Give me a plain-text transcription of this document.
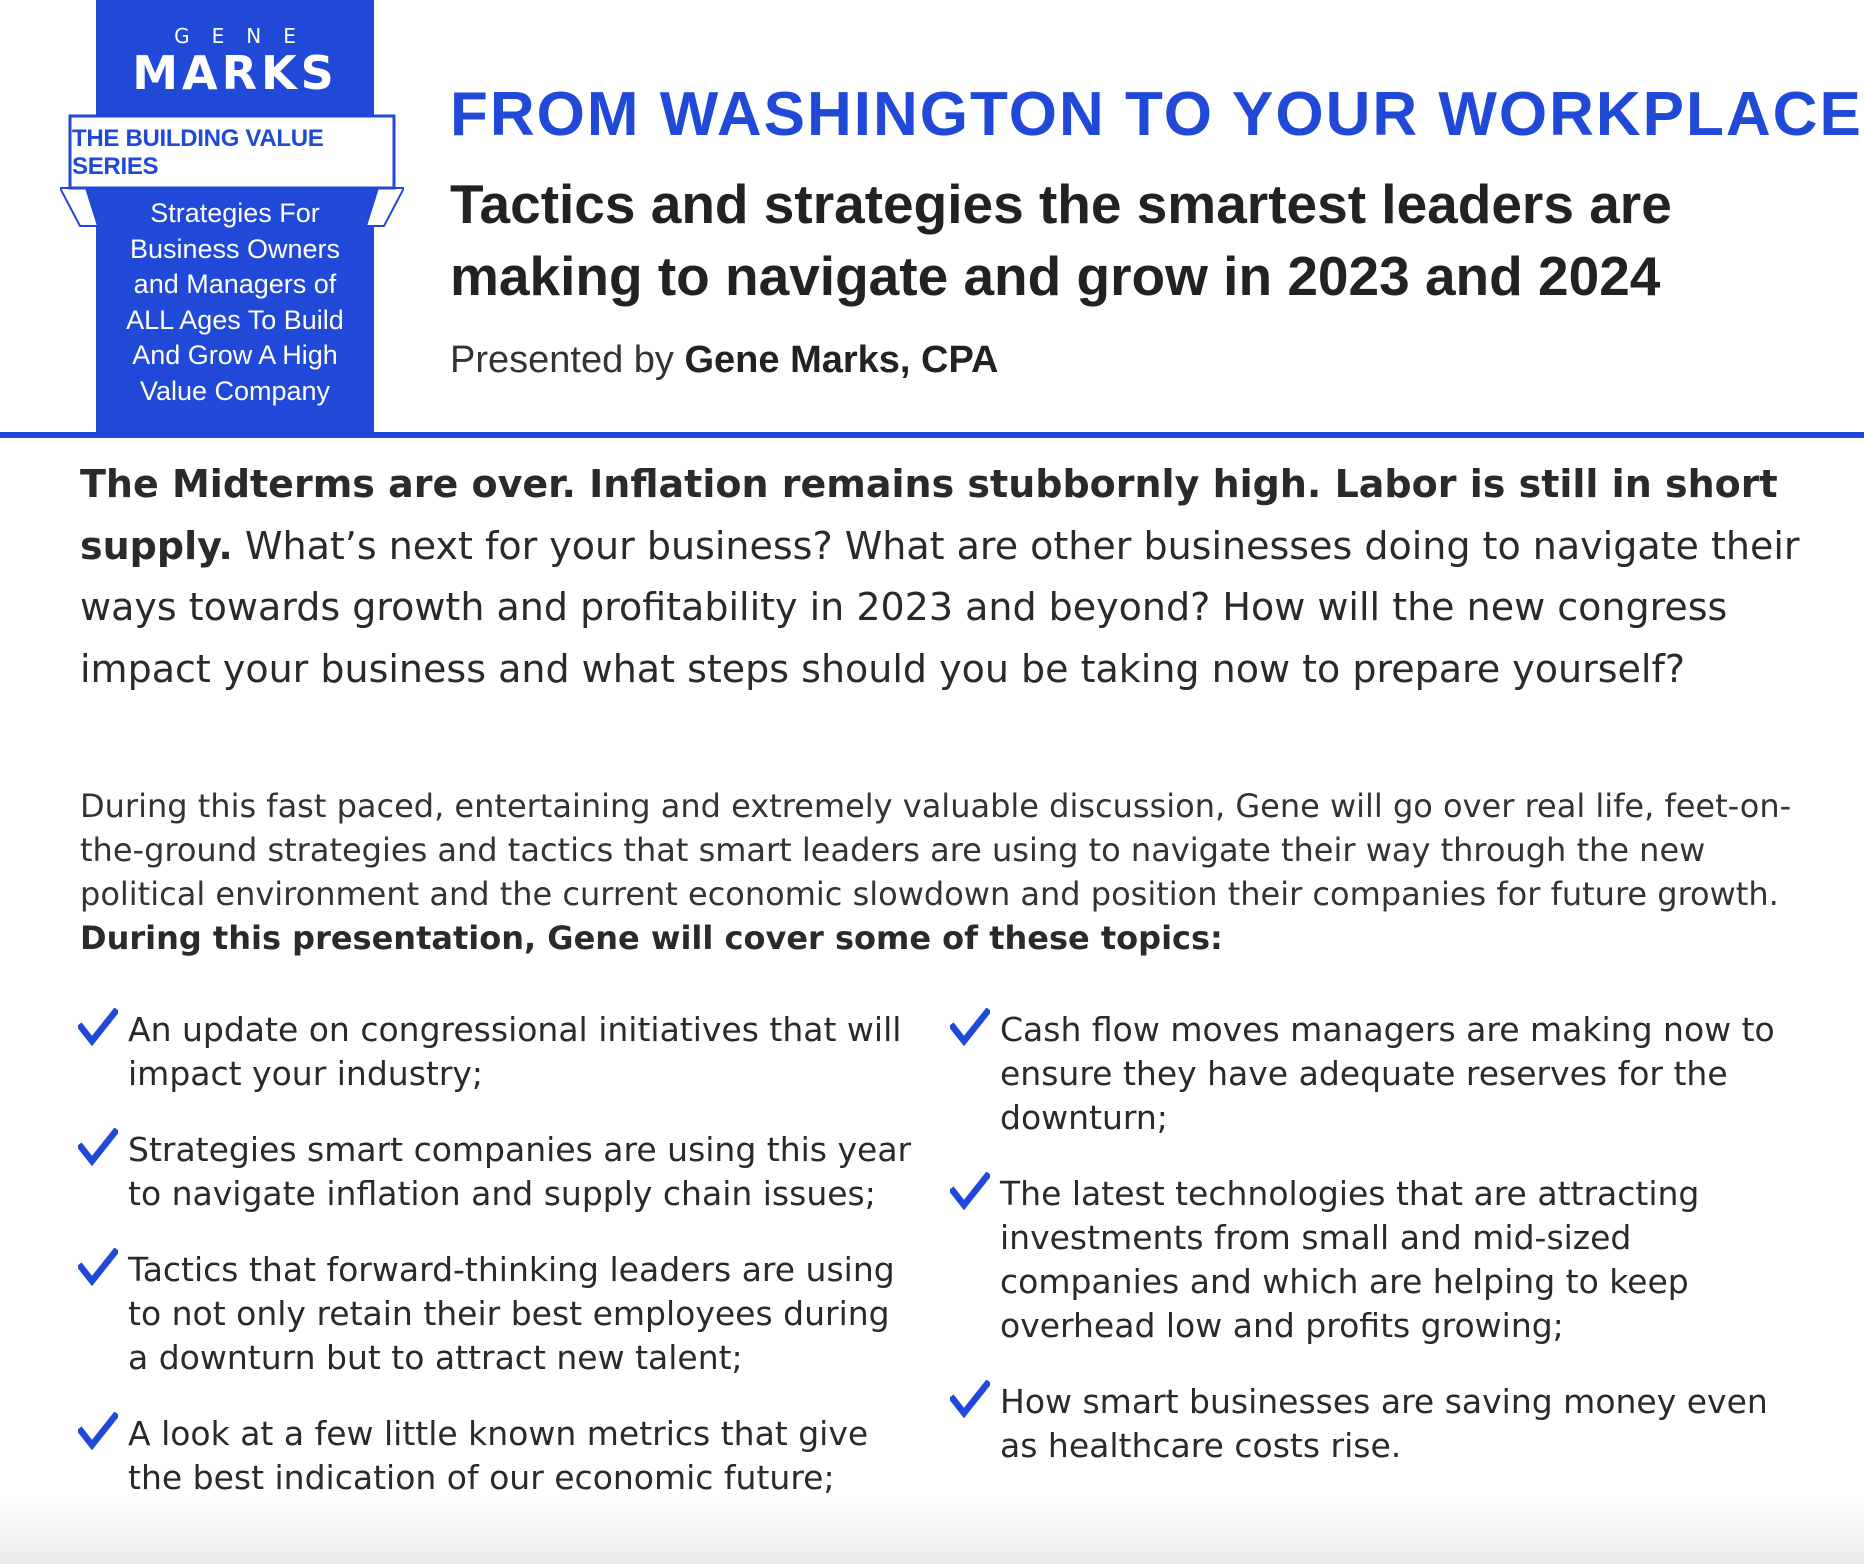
GENE
MARKS
THE BUILDING VALUE SERIES
Strategies For Business Owners and Managers of ALL Ages To Build And Grow A High Value Company
FROM WASHINGTON TO YOUR WORKPLACE
Tactics and strategies the smartest leaders are making to navigate and grow in 2023 and 2024

Presented by Gene Marks, CPA

The Midterms are over. Inflation remains stubbornly high. Labor is still in short supply. What’s next for your business? What are other businesses doing to navigate their ways towards growth and profitability in 2023 and beyond? How will the new congress impact your business and what steps should you be taking now to prepare yourself?

During this fast paced, entertaining and extremely valuable discussion, Gene will go over real life, feet-on-the-ground strategies and tactics that smart leaders are using to navigate their way through the new political environment and the current economic slowdown and position their companies for future growth. During this presentation, Gene will cover some of these topics:

An update on congressional initiatives that will impact your industry;
Strategies smart companies are using this year to navigate inflation and supply chain issues;
Tactics that forward-thinking leaders are using to not only retain their best employees during a downturn but to attract new talent;
A look at a few little known metrics that give the best indication of our economic future;
Cash flow moves managers are making now to ensure they have adequate reserves for the downturn;
The latest technologies that are attracting investments from small and mid-sized companies and which are helping to keep overhead low and profits growing;
How smart businesses are saving money even as healthcare costs rise.
